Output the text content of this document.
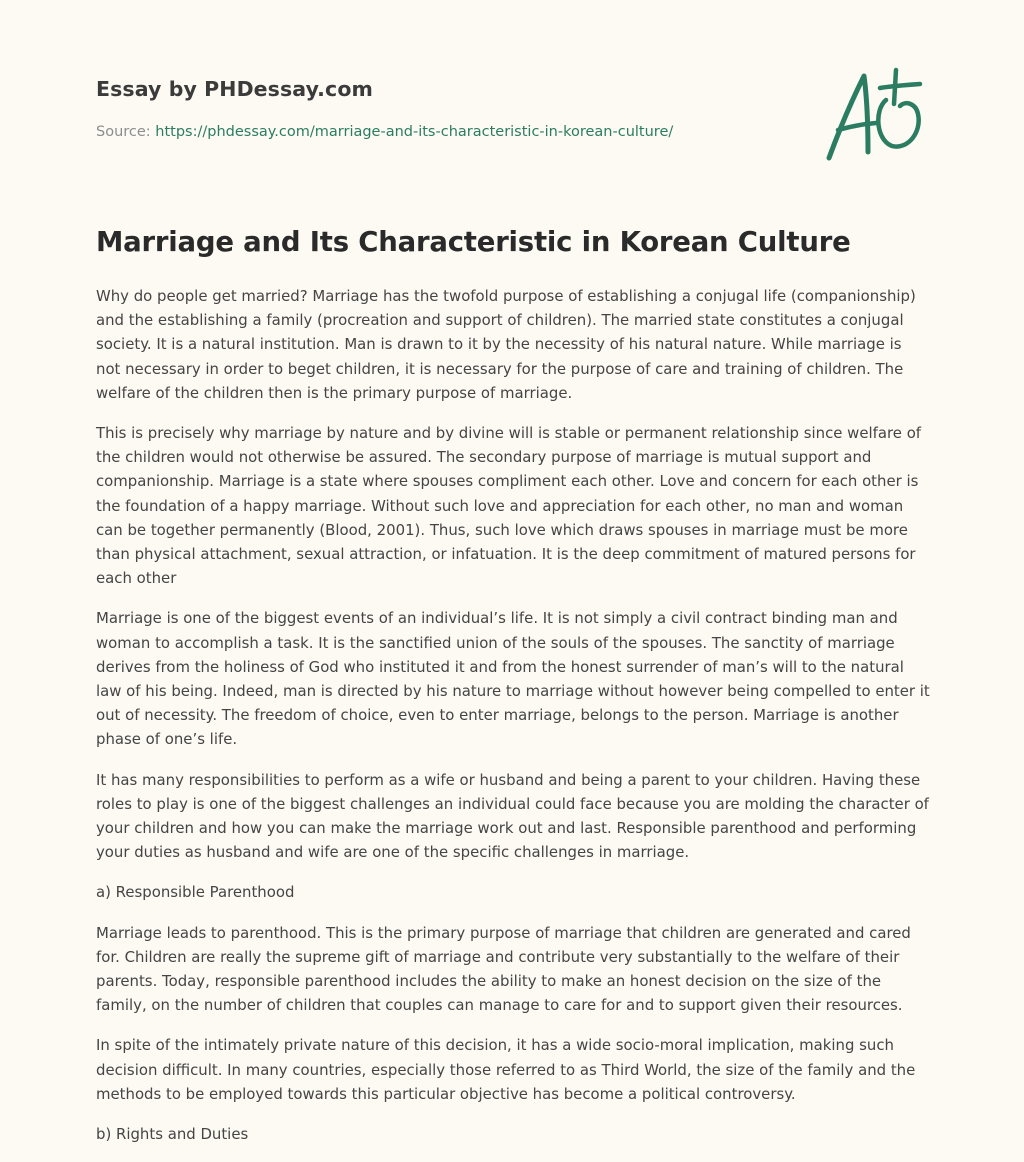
Essay by PHDessay.com

Source: https://phdessay.com/marriage-and-its-characteristic-in-korean-culture/

Marriage and Its Characteristic in Korean Culture

Why do people get married? Marriage has the twofold purpose of establishing a conjugal life (companionship) and the establishing a family (procreation and support of children). The married state constitutes a conjugal society. It is a natural institution. Man is drawn to it by the necessity of his natural nature. While marriage is not necessary in order to beget children, it is necessary for the purpose of care and training of children. The welfare of the children then is the primary purpose of marriage.

This is precisely why marriage by nature and by divine will is stable or permanent relationship since welfare of the children would not otherwise be assured. The secondary purpose of marriage is mutual support and companionship. Marriage is a state where spouses compliment each other. Love and concern for each other is the foundation of a happy marriage. Without such love and appreciation for each other, no man and woman can be together permanently (Blood, 2001). Thus, such love which draws spouses in marriage must be more than physical attachment, sexual attraction, or infatuation. It is the deep commitment of matured persons for each other

Marriage is one of the biggest events of an individual’s life. It is not simply a civil contract binding man and woman to accomplish a task. It is the sanctified union of the souls of the spouses. The sanctity of marriage derives from the holiness of God who instituted it and from the honest surrender of man’s will to the natural law of his being. Indeed, man is directed by his nature to marriage without however being compelled to enter it out of necessity. The freedom of choice, even to enter marriage, belongs to the person. Marriage is another phase of one’s life.

It has many responsibilities to perform as a wife or husband and being a parent to your children. Having these roles to play is one of the biggest challenges an individual could face because you are molding the character of your children and how you can make the marriage work out and last. Responsible parenthood and performing your duties as husband and wife are one of the specific challenges in marriage.

a) Responsible Parenthood

Marriage leads to parenthood. This is the primary purpose of marriage that children are generated and cared for. Children are really the supreme gift of marriage and contribute very substantially to the welfare of their parents. Today, responsible parenthood includes the ability to make an honest decision on the size of the family, on the number of children that couples can manage to care for and to support given their resources.

In spite of the intimately private nature of this decision, it has a wide socio-moral implication, making such decision difficult. In many countries, especially those referred to as Third World, the size of the family and the methods to be employed towards this particular objective has become a political controversy.

b) Rights and Duties
